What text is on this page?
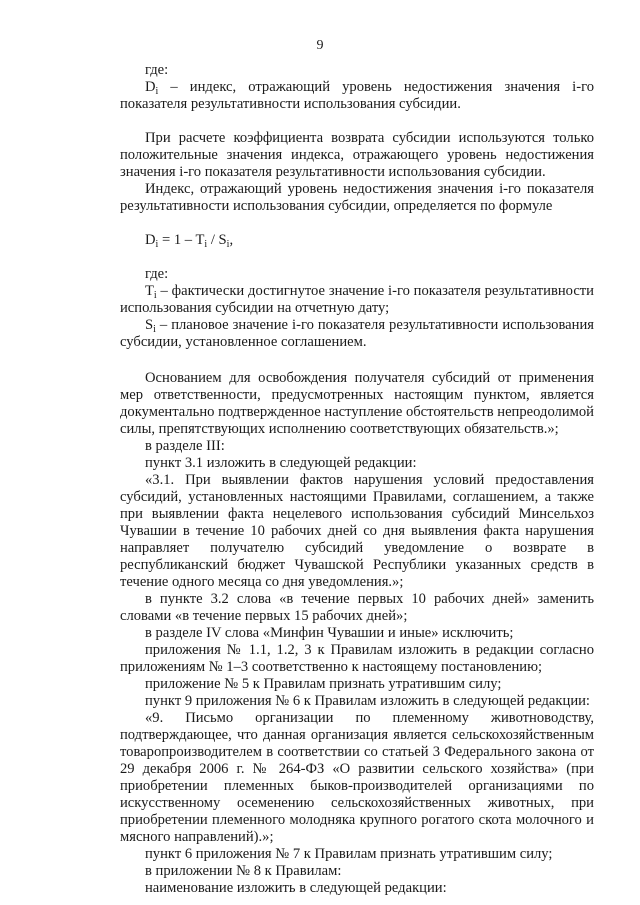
9

где:

$D_i$ – индекс, отражающий уровень недостижения значения i-го показателя результативности использования субсидии.

При расчете коэффициента возврата субсидии используются только положительные значения индекса, отражающего уровень недостижения значения i-го показателя результативности использования субсидии.

Индекс, отражающий уровень недостижения значения i-го показателя результативности использования субсидии, определяется по формуле

$D_i = 1 - T_i / S_i$,

где:

$T_i$ – фактически достигнутое значение i-го показателя результативности использования субсидии на отчетную дату;

$S_i$ – плановое значение i-го показателя результативности использования субсидии, установленное соглашением.

Основанием для освобождения получателя субсидий от применения мер ответственности, предусмотренных настоящим пунктом, является документально подтвержденное наступление обстоятельств непреодолимой силы, препятствующих исполнению соответствующих обязательств.»;

в разделе III:

пункт 3.1 изложить в следующей редакции:

«3.1. При выявлении фактов нарушения условий предоставления субсидий, установленных настоящими Правилами, соглашением, а также при выявлении факта нецелевого использования субсидий Минсельхоз Чувашии в течение 10 рабочих дней со дня выявления факта нарушения направляет получателю субсидий уведомление о возврате в республиканский бюджет Чувашской Республики указанных средств в течение одного месяца со дня уведомления.»;

в пункте 3.2 слова «в течение первых 10 рабочих дней» заменить словами «в течение первых 15 рабочих дней»;

в разделе IV слова «Минфин Чувашии и иные» исключить;

приложения № 1.1, 1.2, 3 к Правилам изложить в редакции согласно приложениям № 1–3 соответственно к настоящему постановлению;

приложение № 5 к Правилам признать утратившим силу;

пункт 9 приложения № 6 к Правилам изложить в следующей редакции:

«9. Письмо организации по племенному животноводству, подтверждающее, что данная организация является сельскохозяйственным товаропроизводителем в соответствии со статьей 3 Федерального закона от 29 декабря 2006 г. № 264-ФЗ «О развитии сельского хозяйства» (при приобретении племенных быков-производителей организациями по искусственному осеменению сельскохозяйственных животных, при приобретении племенного молодняка крупного рогатого скота молочного и мясного направлений).»;

пункт 6 приложения № 7 к Правилам признать утратившим силу;

в приложении № 8 к Правилам:

наименование изложить в следующей редакции:
